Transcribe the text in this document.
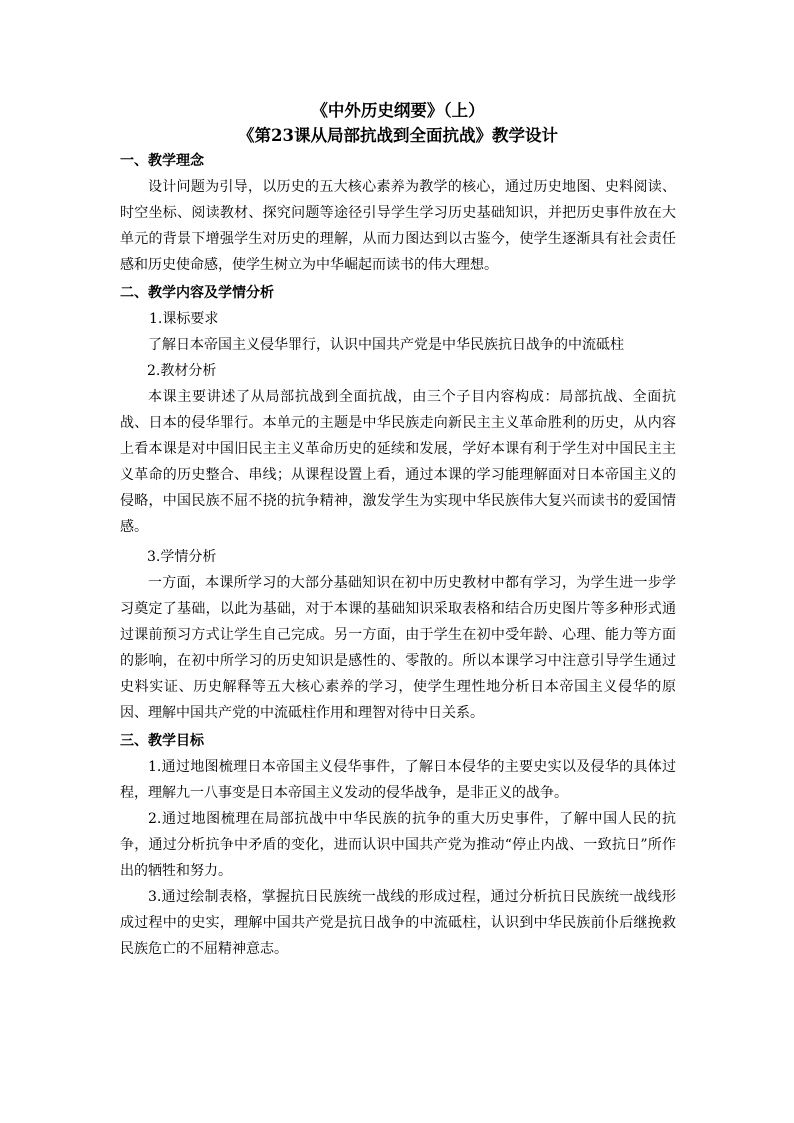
《中外历史纲要》（上）

《第23课从局部抗战到全面抗战》教学设计

一、教学理念

设计问题为引导，以历史的五大核心素养为教学的核心，通过历史地图、史料阅读、时空坐标、阅读教材、探究问题等途径引导学生学习历史基础知识，并把历史事件放在大单元的背景下增强学生对历史的理解，从而力图达到以古鉴今，使学生逐渐具有社会责任感和历史使命感，使学生树立为中华崛起而读书的伟大理想。

二、教学内容及学情分析

1.课标要求

了解日本帝国主义侵华罪行，认识中国共产党是中华民族抗日战争的中流砥柱

2.教材分析

本课主要讲述了从局部抗战到全面抗战，由三个子目内容构成：局部抗战、全面抗战、日本的侵华罪行。本单元的主题是中华民族走向新民主主义革命胜利的历史，从内容上看本课是对中国旧民主主义革命历史的延续和发展，学好本课有利于学生对中国民主主义革命的历史整合、串线；从课程设置上看，通过本课的学习能理解面对日本帝国主义的侵略，中国民族不屈不挠的抗争精神，激发学生为实现中华民族伟大复兴而读书的爱国情感。

3.学情分析

一方面，本课所学习的大部分基础知识在初中历史教材中都有学习，为学生进一步学习奠定了基础，以此为基础，对于本课的基础知识采取表格和结合历史图片等多种形式通过课前预习方式让学生自己完成。另一方面，由于学生在初中受年龄、心理、能力等方面的影响，在初中所学习的历史知识是感性的、零散的。所以本课学习中注意引导学生通过史料实证、历史解释等五大核心素养的学习，使学生理性地分析日本帝国主义侵华的原因、理解中国共产党的中流砥柱作用和理智对待中日关系。

三、教学目标

1.通过地图梳理日本帝国主义侵华事件，了解日本侵华的主要史实以及侵华的具体过程，理解九一八事变是日本帝国主义发动的侵华战争，是非正义的战争。

2.通过地图梳理在局部抗战中中华民族的抗争的重大历史事件，了解中国人民的抗争，通过分析抗争中矛盾的变化，进而认识中国共产党为推动“停止内战、一致抗日”所作出的牺牲和努力。

3.通过绘制表格，掌握抗日民族统一战线的形成过程，通过分析抗日民族统一战线形成过程中的史实，理解中国共产党是抗日战争的中流砥柱，认识到中华民族前仆后继挽救民族危亡的不屈精神意志。
